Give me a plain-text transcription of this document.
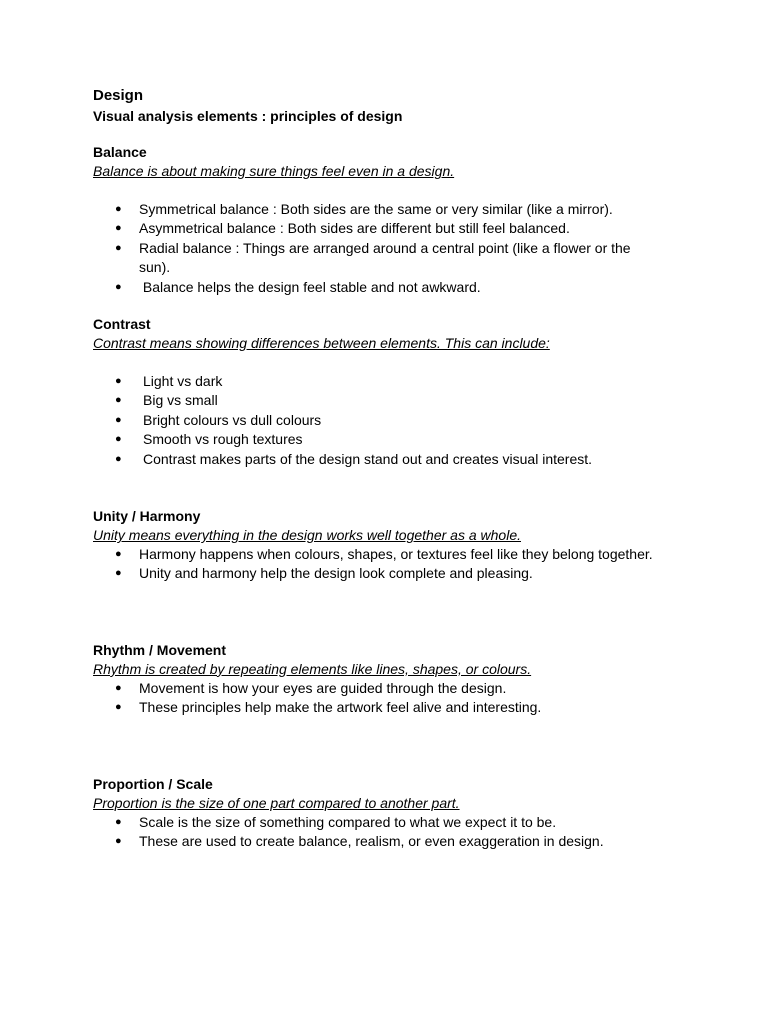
Design

Visual analysis elements : principles of design

Balance

Balance is about making sure things feel even in a design.

● Symmetrical balance : Both sides are the same or very similar (like a mirror).
● Asymmetrical balance : Both sides are different but still feel balanced.
● Radial balance : Things are arranged around a central point (like a flower or the sun).
● Balance helps the design feel stable and not awkward.

Contrast

Contrast means showing differences between elements. This can include:

● Light vs dark
● Big vs small
● Bright colours vs dull colours
● Smooth vs rough textures
● Contrast makes parts of the design stand out and creates visual interest.

Unity / Harmony

Unity means everything in the design works well together as a whole.

● Harmony happens when colours, shapes, or textures feel like they belong together.
● Unity and harmony help the design look complete and pleasing.

Rhythm / Movement

Rhythm is created by repeating elements like lines, shapes, or colours.

● Movement is how your eyes are guided through the design.
● These principles help make the artwork feel alive and interesting.

Proportion / Scale

Proportion is the size of one part compared to another part.

● Scale is the size of something compared to what we expect it to be.
● These are used to create balance, realism, or even exaggeration in design.
